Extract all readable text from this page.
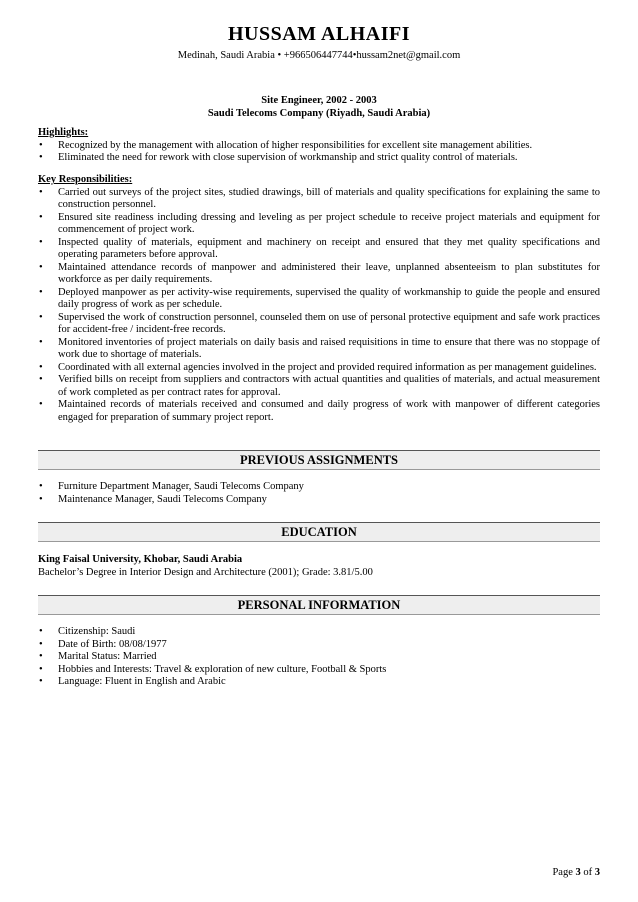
HUSSAM ALHAIFI
Medinah, Saudi Arabia • +966506447744•hussam2net@gmail.com
Site Engineer, 2002 - 2003
Saudi Telecoms Company (Riyadh, Saudi Arabia)

Highlights:

• Recognized by the management with allocation of higher responsibilities for excellent site management abilities.
• Eliminated the need for rework with close supervision of workmanship and strict quality control of materials.

Key Responsibilities:

• Carried out surveys of the project sites, studied drawings, bill of materials and quality specifications for explaining the same to construction personnel.
• Ensured site readiness including dressing and leveling as per project schedule to receive project materials and equipment for commencement of project work.
• Inspected quality of materials, equipment and machinery on receipt and ensured that they met quality specifications and operating parameters before approval.
• Maintained attendance records of manpower and administered their leave, unplanned absenteeism to plan substitutes for workforce as per daily requirements.
• Deployed manpower as per activity-wise requirements, supervised the quality of workmanship to guide the people and ensured daily progress of work as per schedule.
• Supervised the work of construction personnel, counseled them on use of personal protective equipment and safe work practices for accident-free / incident-free records.
• Monitored inventories of project materials on daily basis and raised requisitions in time to ensure that there was no stoppage of work due to shortage of materials.
• Coordinated with all external agencies involved in the project and provided required information as per management guidelines.
• Verified bills on receipt from suppliers and contractors with actual quantities and qualities of materials, and actual measurement of work completed as per contract rates for approval.
• Maintained records of materials received and consumed and daily progress of work with manpower of different categories engaged for preparation of summary project report.
PREVIOUS ASSIGNMENTS
• Furniture Department Manager, Saudi Telecoms Company
• Maintenance Manager, Saudi Telecoms Company
EDUCATION
King Faisal University, Khobar, Saudi Arabia
Bachelor’s Degree in Interior Design and Architecture (2001); Grade: 3.81/5.00
PERSONAL INFORMATION
• Citizenship: Saudi
• Date of Birth: 08/08/1977
• Marital Status: Married
• Hobbies and Interests: Travel & exploration of new culture, Football & Sports
• Language: Fluent in English and Arabic
Page 3 of 3
